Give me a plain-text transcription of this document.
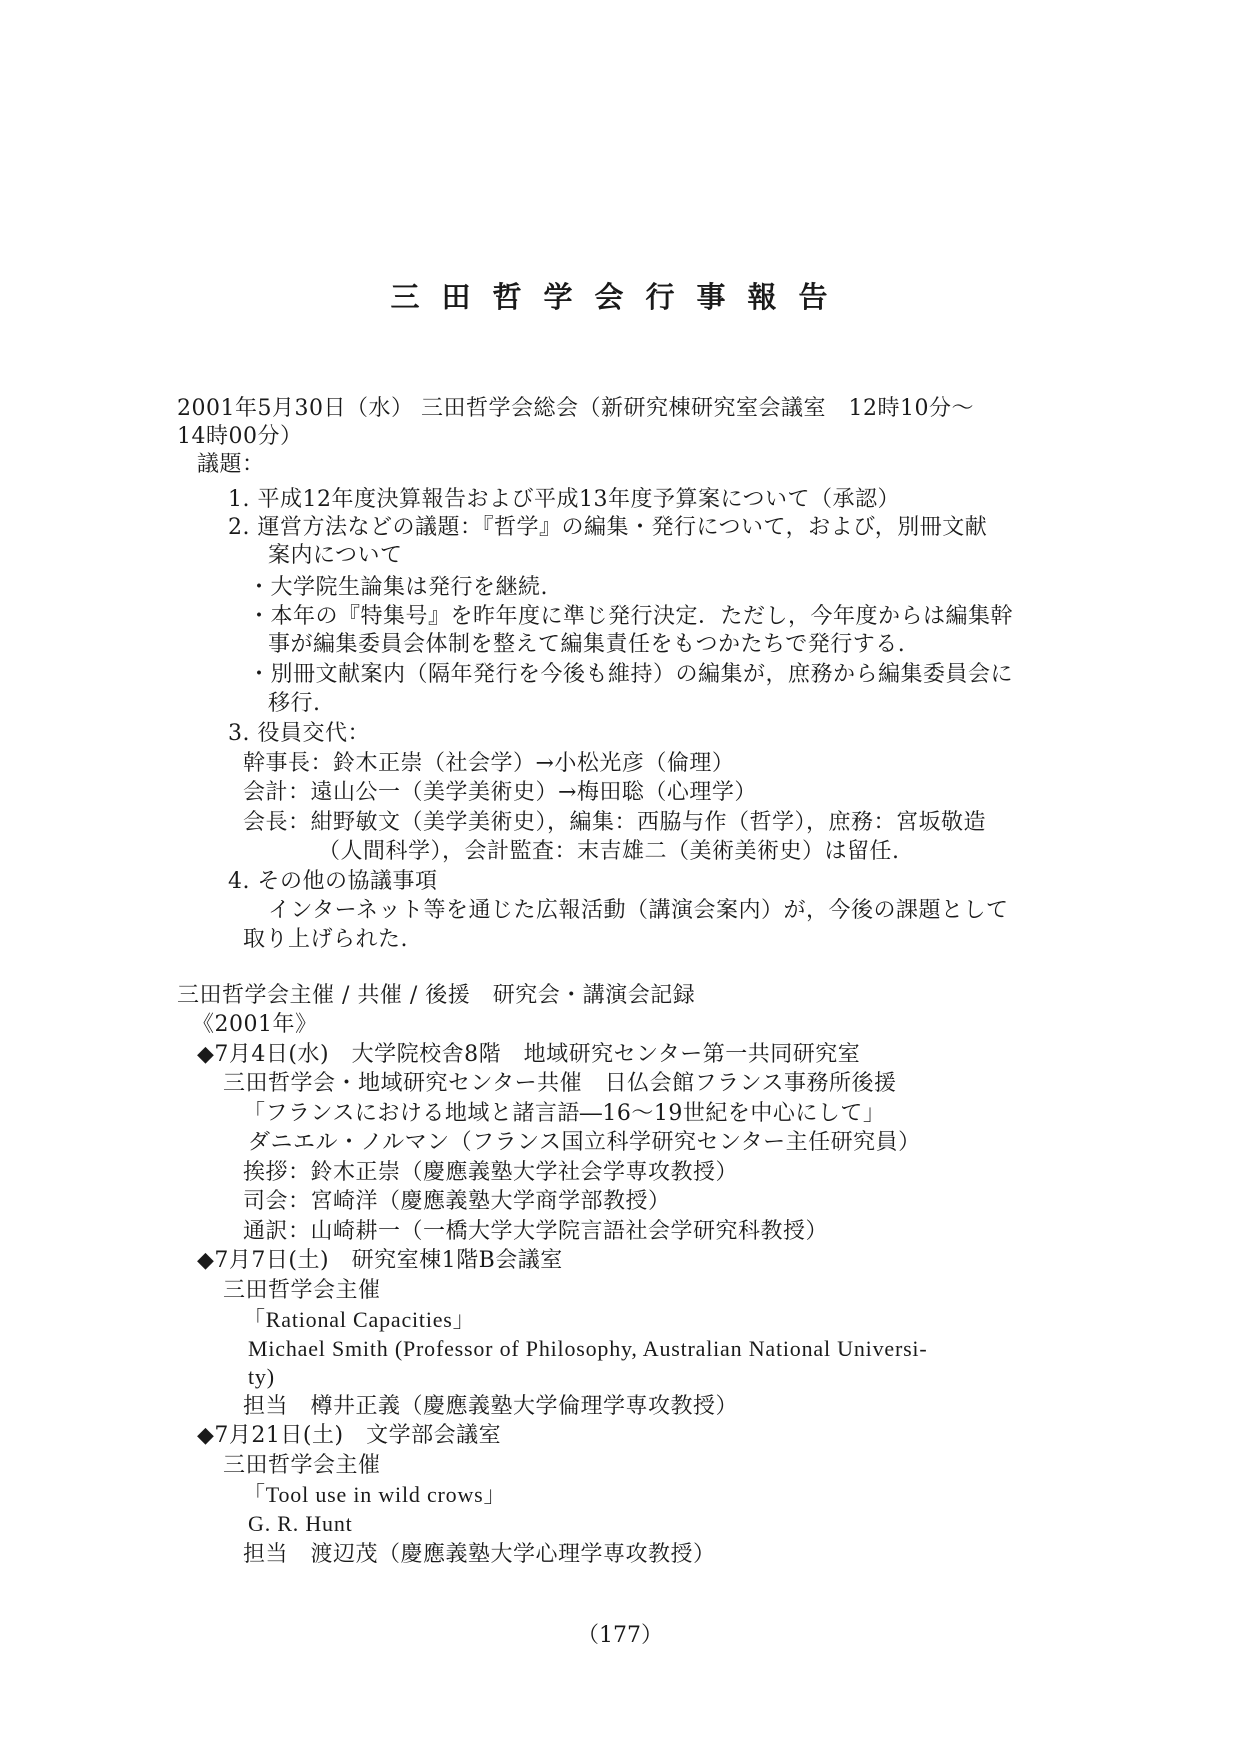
三田哲学会行事報告
2001年5月30日（水） 三田哲学会総会（新研究棟研究室会議室　12時10分～
14時00分）
議題：
1. 平成12年度決算報告および平成13年度予算案について（承認）
2. 運営方法などの議題：『哲学』の編集・発行について，および，別冊文献
案内について
・大学院生論集は発行を継続.
・本年の『特集号』を昨年度に準じ発行決定．ただし，今年度からは編集幹
事が編集委員会体制を整えて編集責任をもつかたちで発行する.
・別冊文献案内（隔年発行を今後も維持）の編集が，庶務から編集委員会に
移行.
3. 役員交代：
幹事長：鈴木正崇（社会学）→小松光彦（倫理）
会計：遠山公一（美学美術史）→梅田聡（心理学）
会長：紺野敏文（美学美術史），編集：西脇与作（哲学），庶務：宮坂敬造
（人間科学），会計監査：末吉雄二（美術美術史）は留任.
4. その他の協議事項
インターネット等を通じた広報活動（講演会案内）が，今後の課題として
取り上げられた.
三田哲学会主催 / 共催 / 後援　研究会・講演会記録
《2001年》
◆7月4日(水)　大学院校舎8階　地域研究センター第一共同研究室
三田哲学会・地域研究センター共催　日仏会館フランス事務所後援
「フランスにおける地域と諸言語―16～19世紀を中心にして」
ダニエル・ノルマン（フランス国立科学研究センター主任研究員）
挨拶：鈴木正崇（慶應義塾大学社会学専攻教授）
司会：宮崎洋（慶應義塾大学商学部教授）
通訳：山崎耕一（一橋大学大学院言語社会学研究科教授）
◆7月7日(土)　研究室棟1階B会議室
三田哲学会主催
「Rational Capacities」
Michael Smith (Professor of Philosophy, Australian National Universi-
ty)
担当　樽井正義（慶應義塾大学倫理学専攻教授）
◆7月21日(土)　文学部会議室
三田哲学会主催
「Tool use in wild crows」
G. R. Hunt
担当　渡辺茂（慶應義塾大学心理学専攻教授）
（177）
